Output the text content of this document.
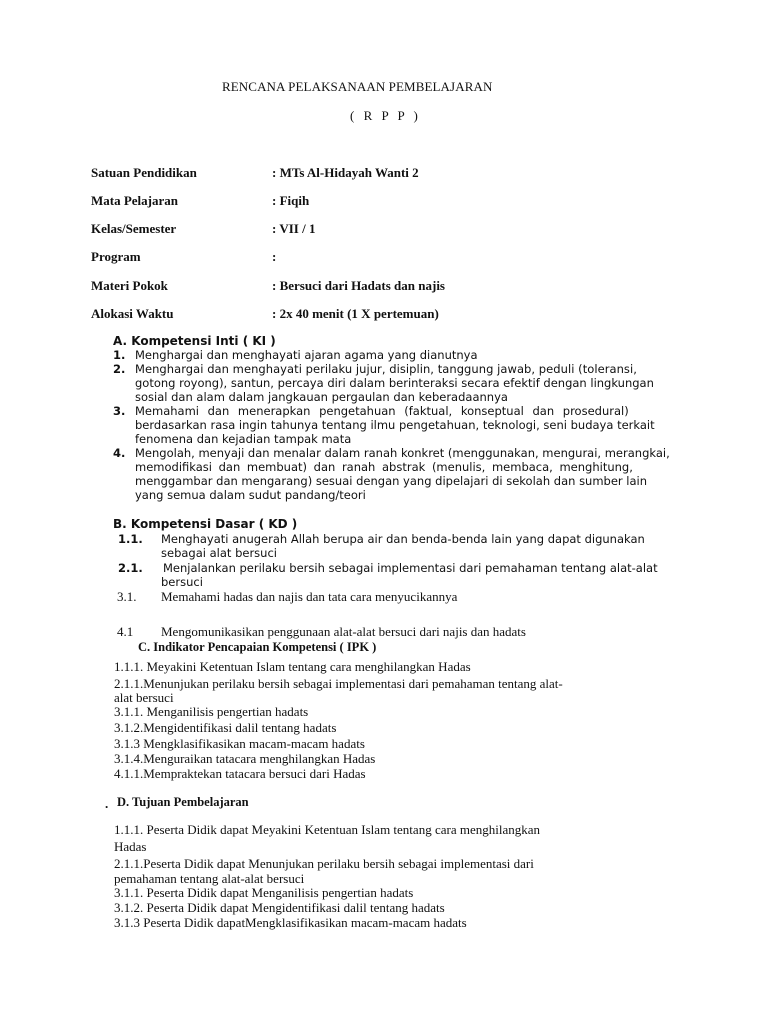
RENCANA PELAKSANAAN PEMBELAJARAN
( R P P )
Satuan Pendidikan	: MTs Al-Hidayah Wanti 2
Mata Pelajaran	: Fiqih
Kelas/Semester	: VII / 1
Program	:
Materi Pokok	: Bersuci dari Hadats dan najis
Alokasi Waktu	: 2x 40 menit (1 X pertemuan)
A. Kompetensi Inti ( KI )
1. Menghargai dan menghayati ajaran agama yang dianutnya
2. Menghargai dan menghayati perilaku jujur, disiplin, tanggung jawab, peduli (toleransi,
gotong royong), santun, percaya diri dalam berinteraksi secara efektif dengan lingkungan
sosial dan alam dalam jangkauan pergaulan dan keberadaannya
3. Memahami dan menerapkan pengetahuan (faktual, konseptual dan prosedural)
berdasarkan rasa ingin tahunya tentang ilmu pengetahuan, teknologi, seni budaya terkait
fenomena dan kejadian tampak mata
4. Mengolah, menyaji dan menalar dalam ranah konkret (menggunakan, mengurai, merangkai,
memodifikasi dan membuat) dan ranah abstrak (menulis, membaca, menghitung,
menggambar dan mengarang) sesuai dengan yang dipelajari di sekolah dan sumber lain
yang semua dalam sudut pandang/teori
B. Kompetensi Dasar ( KD )
1.1. Menghayati anugerah Allah berupa air dan benda-benda lain yang dapat digunakan
sebagai alat bersuci
2.1. Menjalankan perilaku bersih sebagai implementasi dari pemahaman tentang alat-alat
bersuci
3.1. Memahami hadas dan najis dan tata cara menyucikannya
4.1 Mengomunikasikan penggunaan alat-alat bersuci dari najis dan hadats
C. Indikator Pencapaian Kompetensi ( IPK )
1.1.1. Meyakini Ketentuan Islam tentang cara menghilangkan Hadas
2.1.1.Menunjukan perilaku bersih sebagai implementasi dari pemahaman tentang alat-
alat bersuci
3.1.1. Menganilisis pengertian hadats
3.1.2.Mengidentifikasi dalil tentang hadats
3.1.3 Mengklasifikasikan macam-macam hadats
3.1.4.Menguraikan tatacara menghilangkan Hadas
4.1.1.Mempraktekan tatacara bersuci dari Hadas
. D. Tujuan Pembelajaran
1.1.1. Peserta Didik dapat Meyakini Ketentuan Islam tentang cara menghilangkan
Hadas
2.1.1.Peserta Didik dapat Menunjukan perilaku bersih sebagai implementasi dari
pemahaman tentang alat-alat bersuci
3.1.1. Peserta Didik dapat Menganilisis pengertian hadats
3.1.2. Peserta Didik dapat Mengidentifikasi dalil tentang hadats
3.1.3 Peserta Didik dapatMengklasifikasikan macam-macam hadats
